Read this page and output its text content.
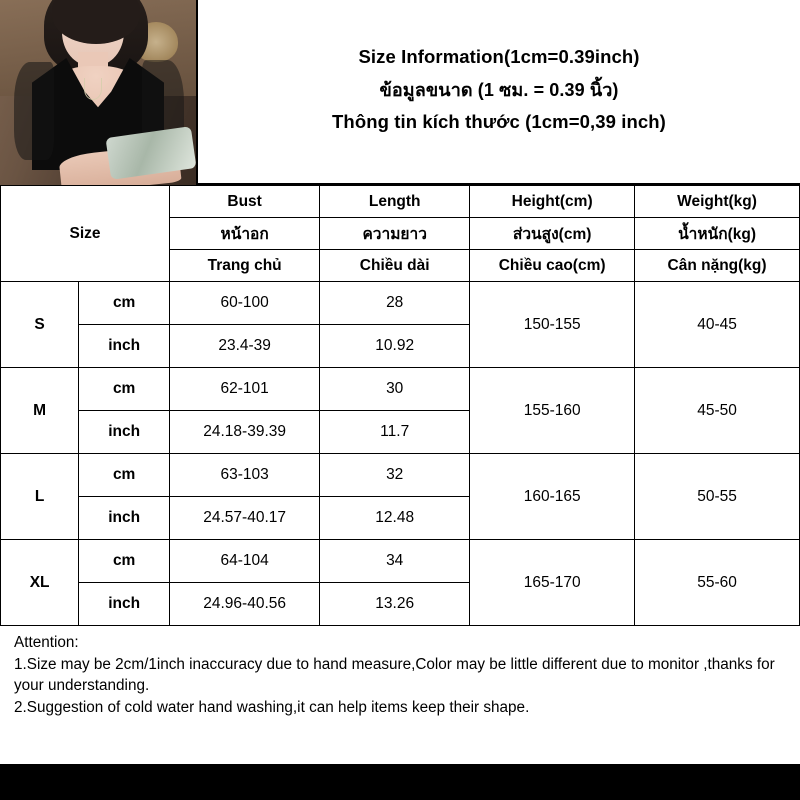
Size Information(1cm=0.39inch)
ข้อมูลขนาด (1 ซม. = 0.39 นิ้ว)
Thông tin kích thước (1cm=0,39 inch)
Size		Bust	Length	Height(cm)	Weight(kg)
		หน้าอก	ความยาว	ส่วนสูง(cm)	น้ำหนัก(kg)
		Trang chủ	Chiều dài	Chiều cao(cm)	Cân nặng(kg)
S	cm	60-100	28	150-155	40-45
	inch	23.4-39	10.92		
M	cm	62-101	30	155-160	45-50
	inch	24.18-39.39	11.7		
L	cm	63-103	32	160-165	50-55
	inch	24.57-40.17	12.48		
XL	cm	64-104	34	165-170	55-60
	inch	24.96-40.56	13.26		
Attention:
1.Size may be 2cm/1inch inaccuracy due to hand measure,Color may be little different due to monitor ,thanks for your understanding.
2.Suggestion of cold water hand washing,it can help items keep their shape.
